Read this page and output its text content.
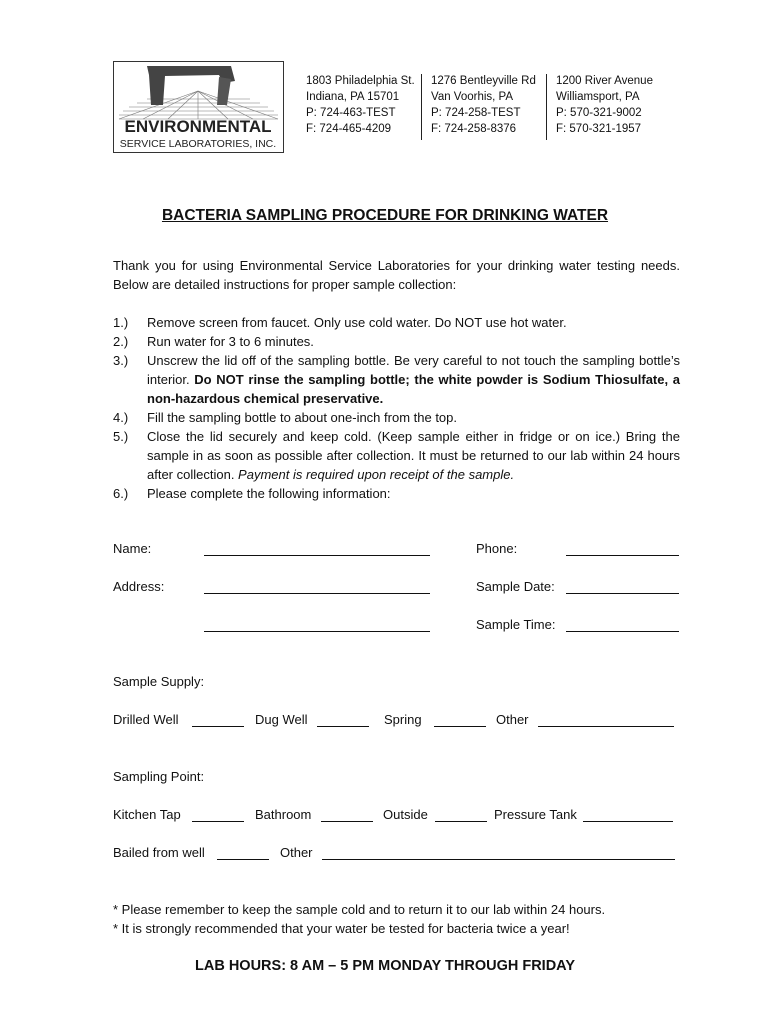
ENVIRONMENTAL
SERVICE LABORATORIES, INC.
1803 Philadelphia St.
Indiana, PA 15701
P: 724-463-TEST
F: 724-465-4209
1276 Bentleyville Rd
Van Voorhis, PA
P: 724-258-TEST
F: 724-258-8376
1200 River Avenue
Williamsport, PA
P: 570-321-9002
F: 570-321-1957
BACTERIA SAMPLING PROCEDURE FOR DRINKING WATER
Thank you for using Environmental Service Laboratories for your drinking water testing needs. Below are detailed instructions for proper sample collection:
1.) Remove screen from faucet. Only use cold water. Do NOT use hot water.
2.) Run water for 3 to 6 minutes.
3.) Unscrew the lid off of the sampling bottle. Be very careful to not touch the sampling bottle’s interior. Do NOT rinse the sampling bottle; the white powder is Sodium Thiosulfate, a non-hazardous chemical preservative.
4.) Fill the sampling bottle to about one-inch from the top.
5.) Close the lid securely and keep cold. (Keep sample either in fridge or on ice.) Bring the sample in as soon as possible after collection. It must be returned to our lab within 24 hours after collection. Payment is required upon receipt of the sample.
6.) Please complete the following information:
Name:	Phone:
Address:	Sample Date:
Sample Time:
Sample Supply:
Drilled Well	Dug Well	Spring	Other
Sampling Point:
Kitchen Tap	Bathroom	Outside	Pressure Tank
Bailed from well	Other
* Please remember to keep the sample cold and to return it to our lab within 24 hours.
* It is strongly recommended that your water be tested for bacteria twice a year!
LAB HOURS: 8 AM – 5 PM MONDAY THROUGH FRIDAY
